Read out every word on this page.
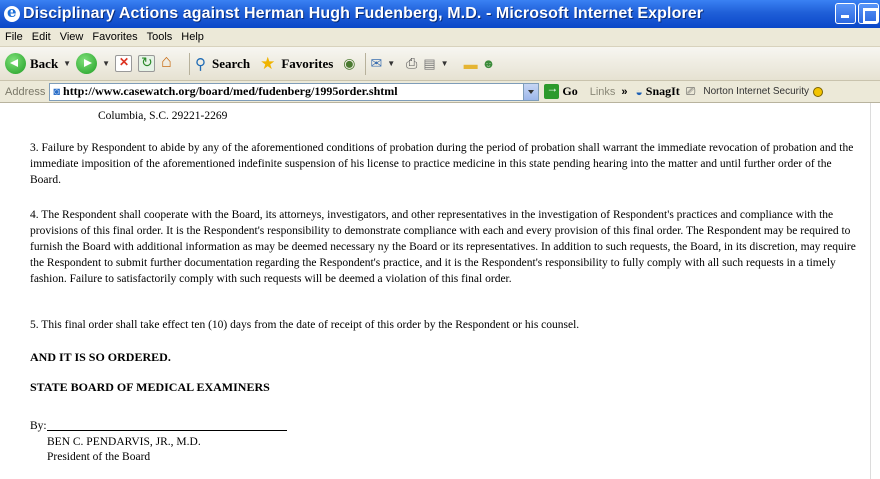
e
Disciplinary Actions against Herman Hugh Fudenberg, M.D. - Microsoft Internet Explorer
File Edit View Favorites Tools Help
Back ▼	▼ ✕ ↻ ⌂	⚲ Search ★ Favorites ◉ ✉ ▼ ⎙ ▤ ▼ ▬ ☻
Address ◙ http://www.casewatch.org/board/med/fudenberg/1995order.shtml →	Go Links » ◒ SnagIt ⎚ Norton Internet Security
Columbia, S.C. 29221-2269
3. Failure by Respondent to abide by any of the aforementioned conditions of probation during the period of probation shall warrant the immediate revocation of probation and the immediate imposition of the aforementioned indefinite suspension of his license to practice medicine in this state pending hearing into the matter and until further order of the Board.
4. The Respondent shall cooperate with the Board, its attorneys, investigators, and other representatives in the investigation of Respondent's practices and compliance with the provisions of this final order. It is the Respondent's responsibility to demonstrate compliance with each and every provision of this final order. The Respondent may be required to furnish the Board with additional information as may be deemed necessary ny the Board or its representatives. In addition to such requests, the Board, in its discretion, may require the Respondent to submit further documentation regarding the Respondent's practice, and it is the Respondent's responsibility to fully comply with all such requests in a timely fashion. Failure to satisfactorily comply with such requests will be deemed a violation of this final order.
5. This final order shall take effect ten (10) days from the date of receipt of this order by the Respondent or his counsel.
AND IT IS SO ORDERED.
STATE BOARD OF MEDICAL EXAMINERS
By:
BEN C. PENDARVIS, JR., M.D.
President of the Board
